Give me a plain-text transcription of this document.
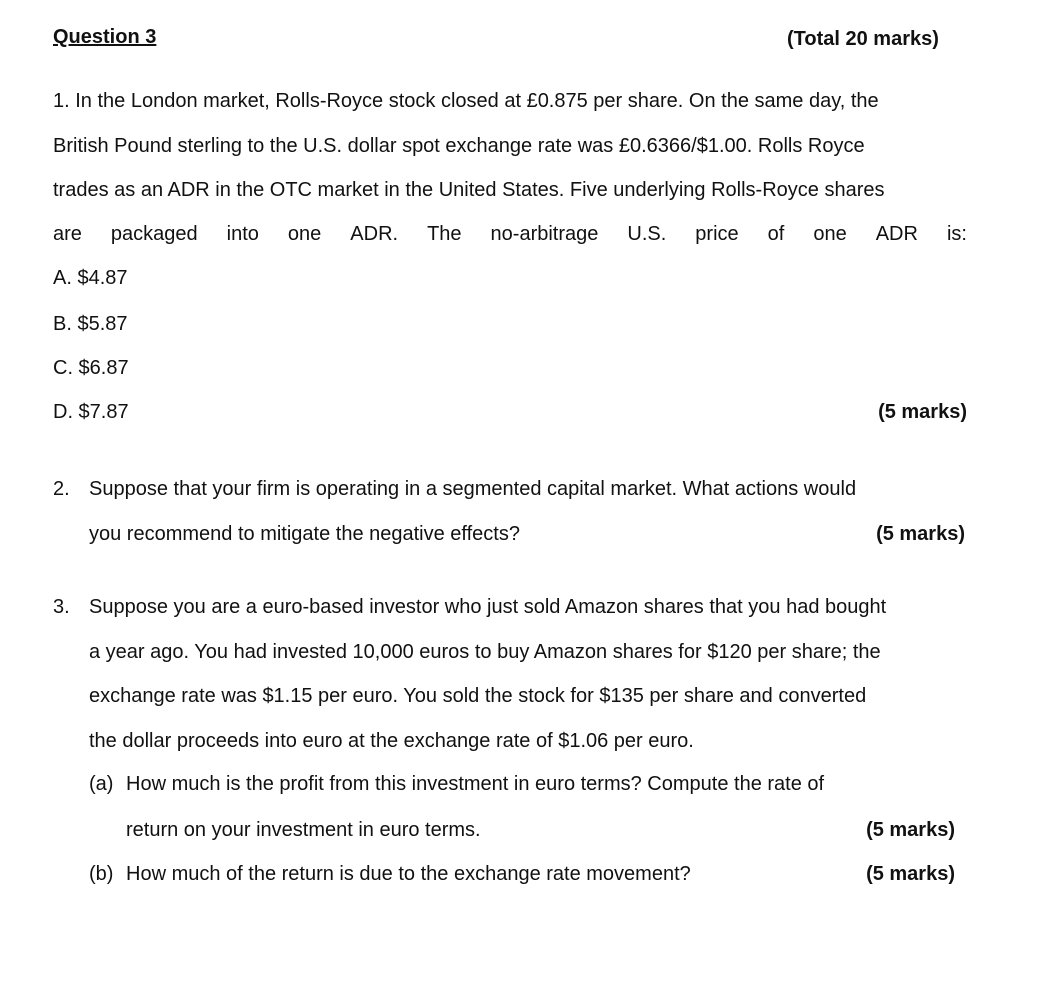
Question 3	(Total 20 marks)
1. In the London market, Rolls-Royce stock closed at £0.875 per share. On the same day, the
British Pound sterling to the U.S. dollar spot exchange rate was £0.6366/$1.00. Rolls Royce
trades as an ADR in the OTC market in the United States. Five underlying Rolls-Royce shares
are packaged into one ADR. The no-arbitrage U.S. price of one ADR is:
A. $4.87
B. $5.87
C. $6.87
D. $7.87	(5 marks)
2. Suppose that your firm is operating in a segmented capital market. What actions would
you recommend to mitigate the negative effects?	(5 marks)
3. Suppose you are a euro-based investor who just sold Amazon shares that you had bought
a year ago. You had invested 10,000 euros to buy Amazon shares for $120 per share; the
exchange rate was $1.15 per euro. You sold the stock for $135 per share and converted
the dollar proceeds into euro at the exchange rate of $1.06 per euro.
(a) How much is the profit from this investment in euro terms? Compute the rate of
return on your investment in euro terms.	(5 marks)
(b) How much of the return is due to the exchange rate movement?	(5 marks)
